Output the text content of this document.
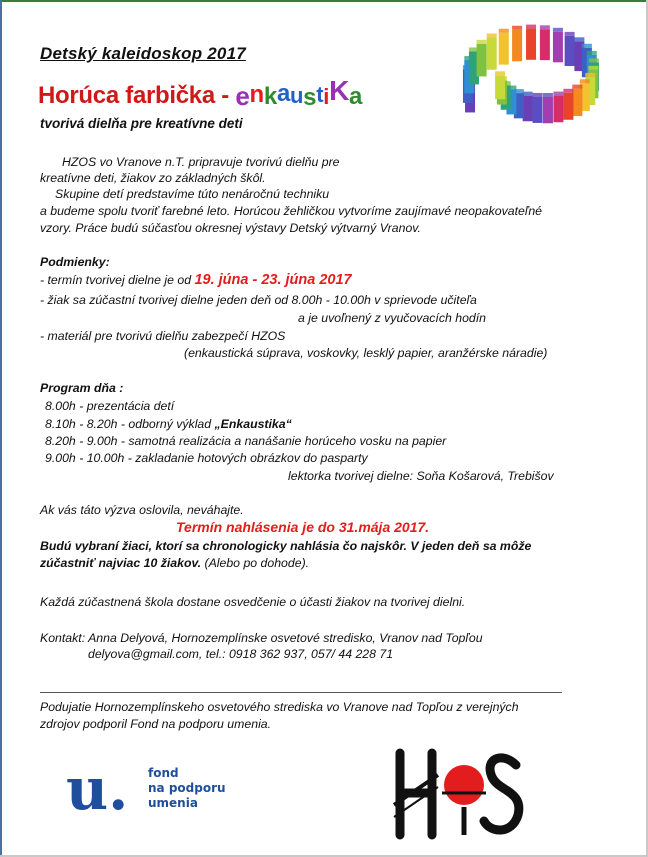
Detský kaleidoskop 2017
Horúca farbička - enkaustiKa
tvorivá dielňa pre kreatívne deti
HZOS vo Vranove n.T. pripravuje tvorivú dielňu pre
kreatívne deti, žiakov zo základných škôl.
Skupine detí predstavíme túto nenáročnú techniku
a budeme spolu tvoriť farebné leto. Horúcou žehličkou vytvoríme zaujímavé neopakovateľné
vzory. Práce budú súčasťou okresnej výstavy Detský výtvarný Vranov.
Podmienky:
- termín tvorivej dielne je od 19. júna - 23. júna 2017
- žiak sa zúčastní tvorivej dielne jeden deň od 8.00h - 10.00h v sprievode učiteľa
a je uvoľnený z vyučovacích hodín
- materiál pre tvorivú dielňu zabezpečí HZOS
(enkaustická súprava, voskovky, lesklý papier, aranžérske náradie)
Program dňa :
8.00h - prezentácia detí
8.10h - 8.20h - odborný výklad „Enkaustika“
8.20h - 9.00h - samotná realizácia a nanášanie horúceho vosku na papier
9.00h - 10.00h - zakladanie hotových obrázkov do pasparty
lektorka tvorivej dielne: Soňa Košarová, Trebišov
Ak vás táto výzva oslovila, neváhajte.
Termín nahlásenia je do 31.mája 2017.
Budú vybraní žiaci, ktorí sa chronologicky nahlásia čo najskôr. V jeden deň sa môže
zúčastniť najviac 10 žiakov. (Alebo po dohode).
Každá zúčastnená škola dostane osvedčenie o účasti žiakov na tvorivej dielni.
Kontakt: Anna Delyová, Hornozemplínske osvetové stredisko, Vranov nad Topľou
delyova@gmail.com, tel.: 0918 362 937, 057/ 44 228 71
Podujatie Hornozemplínskeho osvetového strediska vo Vranove nad Topľou z verejných
zdrojov podporil Fond na podporu umenia.
u. fond
na podporu
umenia
